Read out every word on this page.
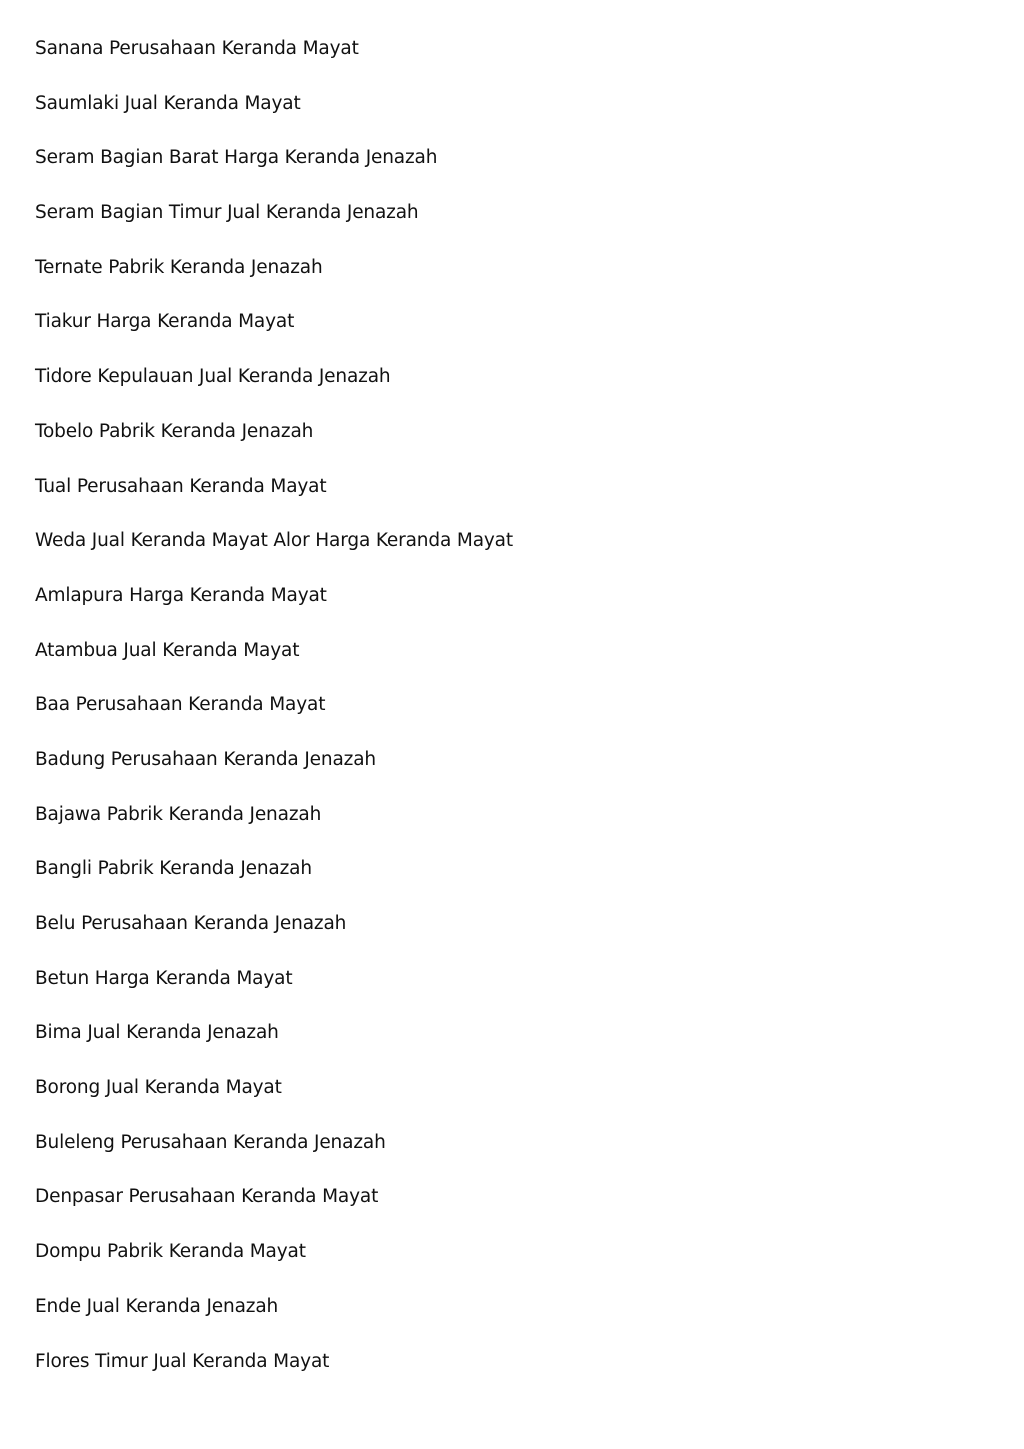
Sanana Perusahaan Keranda Mayat
Saumlaki Jual Keranda Mayat
Seram Bagian Barat Harga Keranda Jenazah
Seram Bagian Timur Jual Keranda Jenazah
Ternate Pabrik Keranda Jenazah
Tiakur Harga Keranda Mayat
Tidore Kepulauan Jual Keranda Jenazah
Tobelo Pabrik Keranda Jenazah
Tual Perusahaan Keranda Mayat
Weda Jual Keranda Mayat Alor Harga Keranda Mayat
Amlapura Harga Keranda Mayat
Atambua Jual Keranda Mayat
Baa Perusahaan Keranda Mayat
Badung Perusahaan Keranda Jenazah
Bajawa Pabrik Keranda Jenazah
Bangli Pabrik Keranda Jenazah
Belu Perusahaan Keranda Jenazah
Betun Harga Keranda Mayat
Bima Jual Keranda Jenazah
Borong Jual Keranda Mayat
Buleleng Perusahaan Keranda Jenazah
Denpasar Perusahaan Keranda Mayat
Dompu Pabrik Keranda Mayat
Ende Jual Keranda Jenazah
Flores Timur Jual Keranda Mayat
